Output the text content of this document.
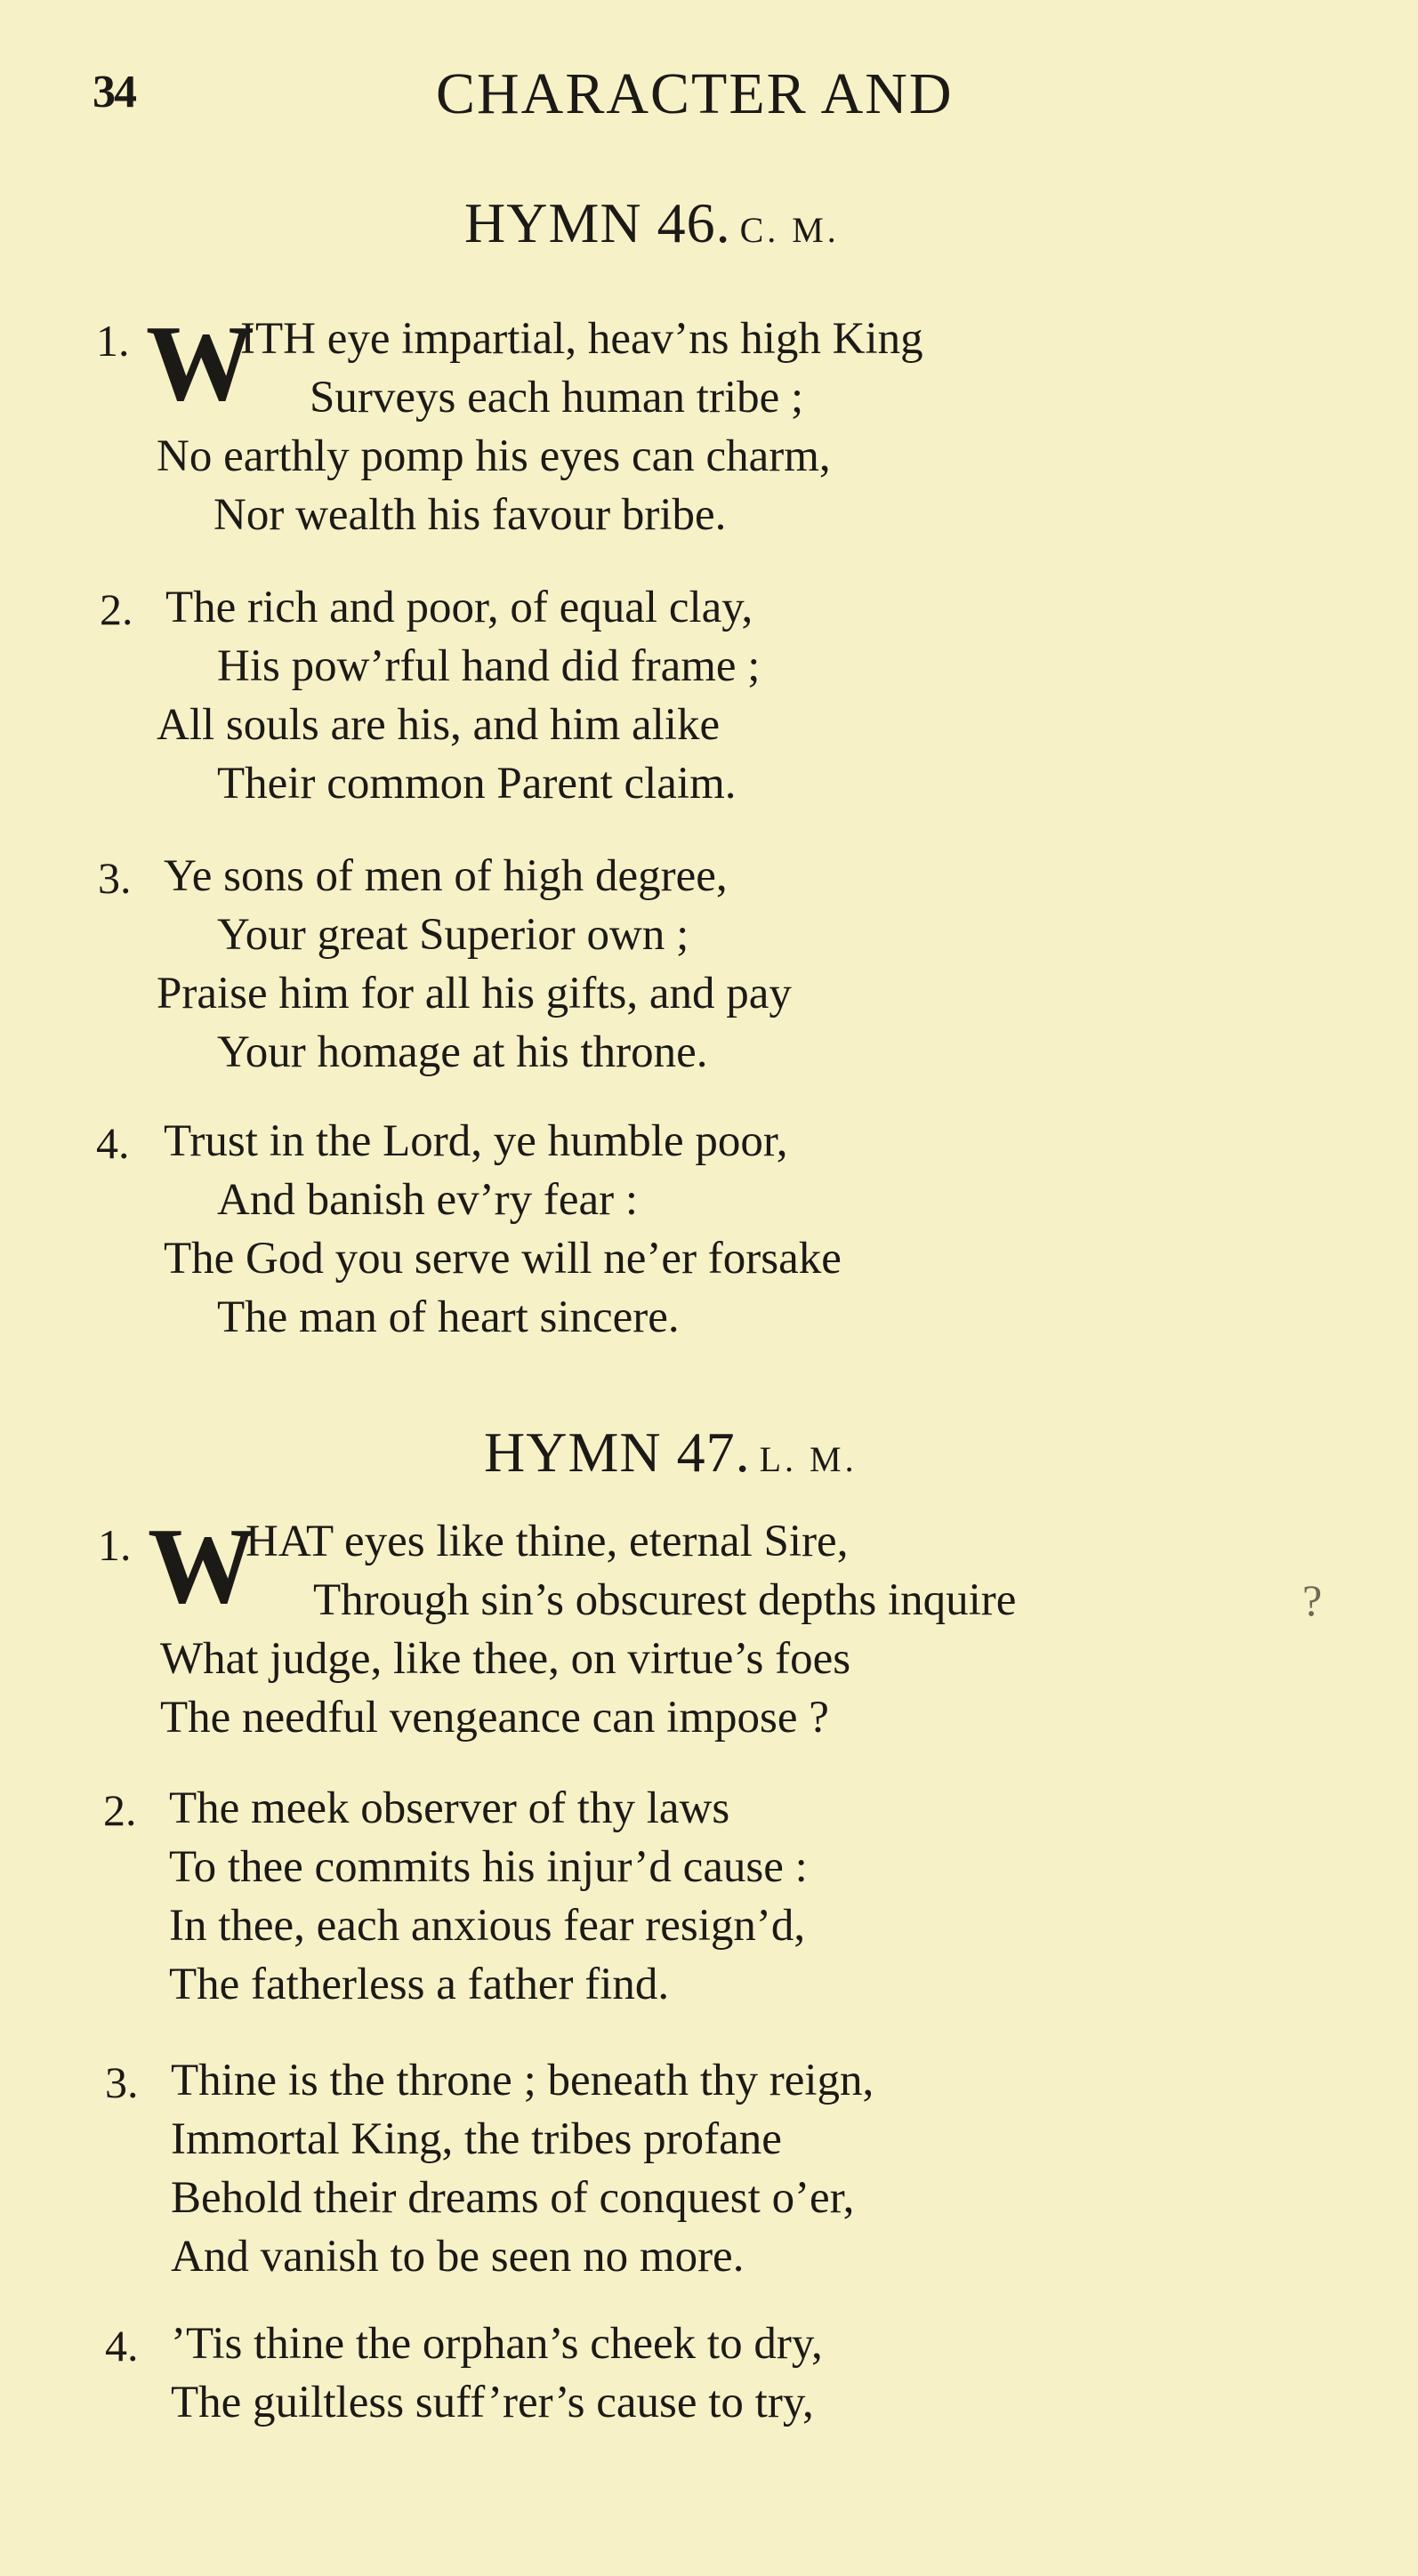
34	CHARACTER AND
HYMN 46. C. M.
1. W
ITH eye impartial, heav’ns high King
Surveys each human tribe ;
No earthly pomp his eyes can charm,
Nor wealth his favour bribe.
2. The rich and poor, of equal clay,
His pow’rful hand did frame ;
All souls are his, and him alike
Their common Parent claim.
3. Ye sons of men of high degree,
Your great Superior own ;
Praise him for all his gifts, and pay
Your homage at his throne.
4. Trust in the Lord, ye humble poor,
And banish ev’ry fear :
The God you serve will ne’er forsake
The man of heart sincere.
HYMN 47. L. M.
1. W
HAT eyes like thine, eternal Sire,
Through sin’s obscurest depths inquire
What judge, like thee, on virtue’s foes
The needful vengeance can impose ?
?
2. The meek observer of thy laws
To thee commits his injur’d cause :
In thee, each anxious fear resign’d,
The fatherless a father find.
3. Thine is the throne ; beneath thy reign,
Immortal King, the tribes profane
Behold their dreams of conquest o’er,
And vanish to be seen no more.
4. ’Tis thine the orphan’s cheek to dry,
The guiltless suff’rer’s cause to try,
